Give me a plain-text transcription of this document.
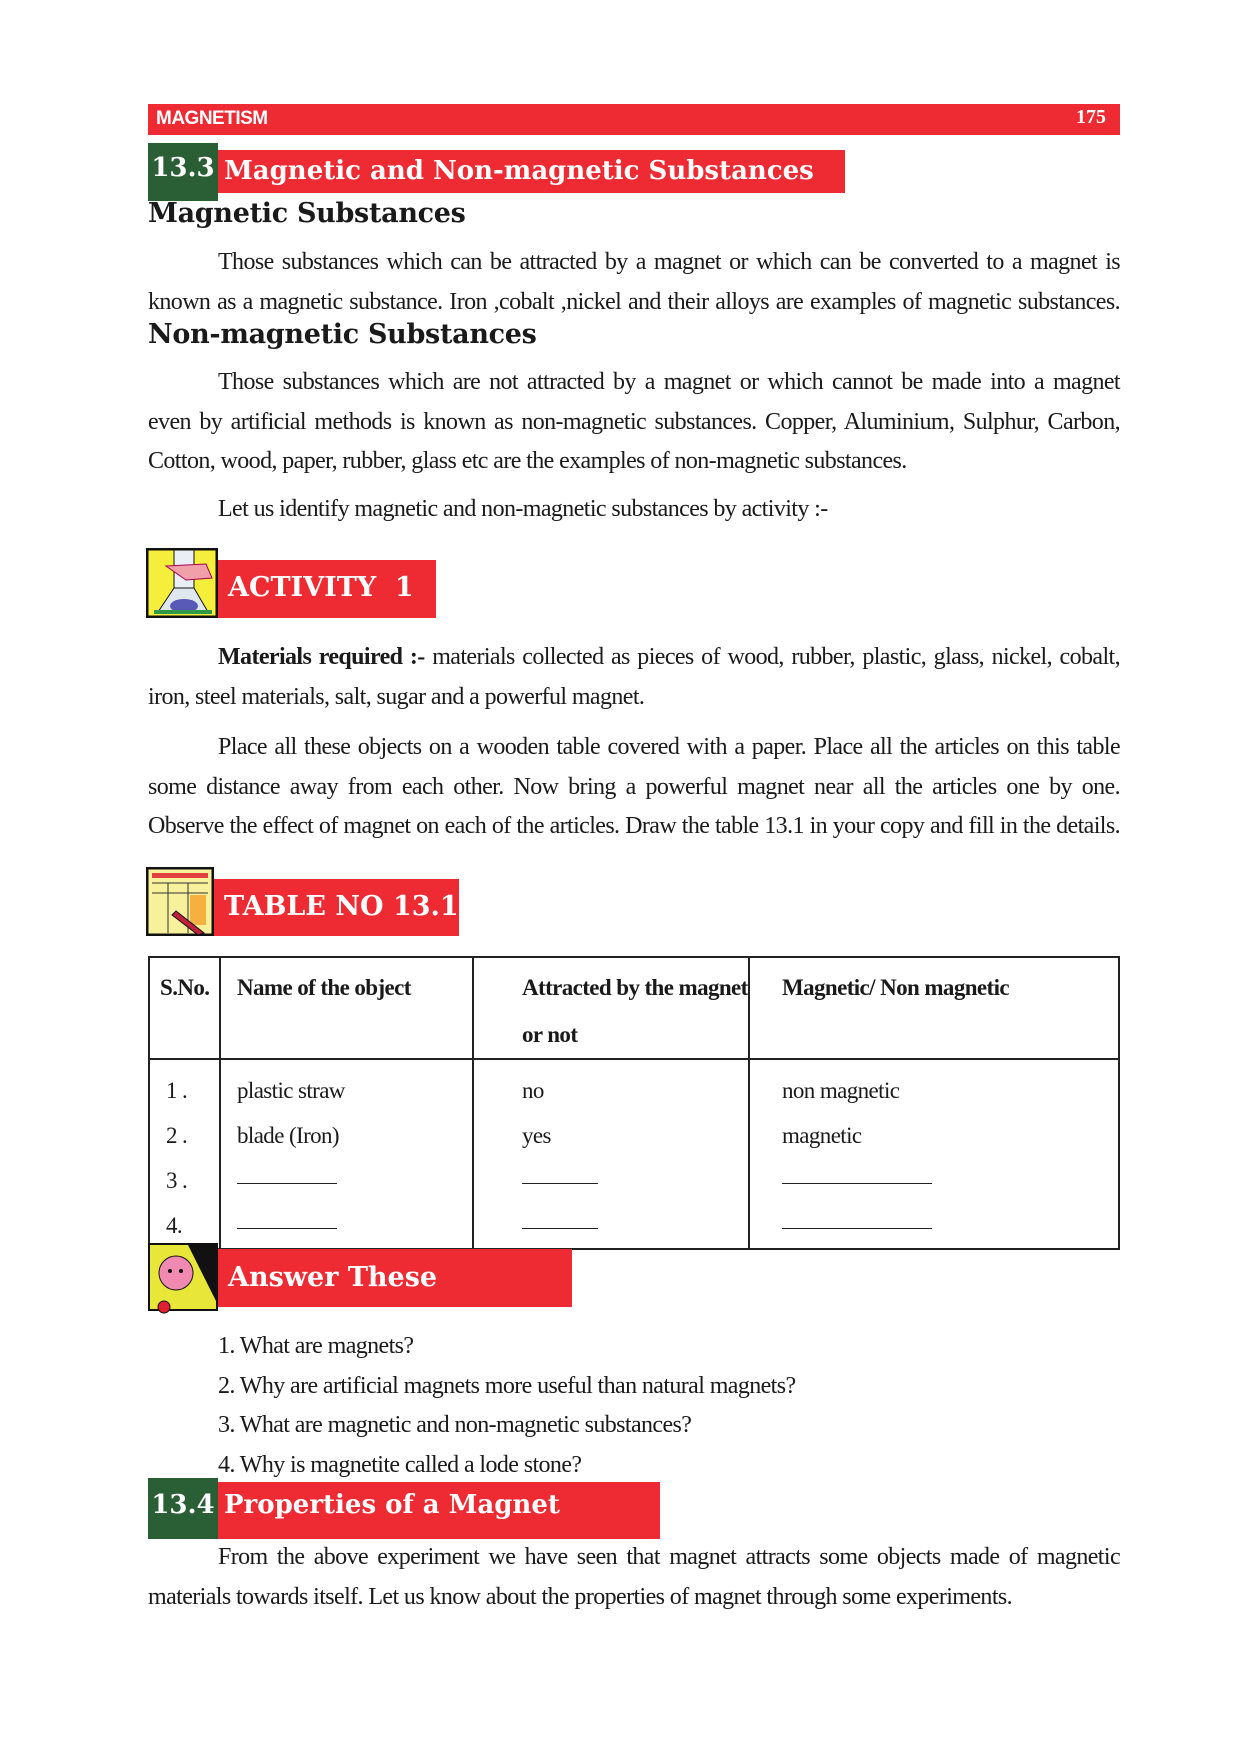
MAGNETISM	175
Magnetic and Non-magnetic Substances
13.3
Magnetic Substances
Those substances which can be attracted by a magnet or which can be converted to a magnet is
known as a magnetic substance. Iron ,cobalt ,nickel and their alloys are examples of magnetic substances.
Non-magnetic Substances
Those substances which are not attracted by a magnet or which cannot be made into a magnet
even by artificial methods is known as non-magnetic substances. Copper, Aluminium, Sulphur, Carbon,
Cotton, wood, paper, rubber, glass etc are the examples of non-magnetic substances.
Let us identify magnetic and non-magnetic substances by activity :-
ACTIVITY  1
Materials required :- materials collected as pieces of wood, rubber, plastic, glass, nickel, cobalt,
iron, steel materials, salt, sugar and a powerful magnet.
Place all these objects on a wooden table covered with a paper. Place all the articles on this table
some distance away from each other. Now bring a powerful magnet near all the articles one by one.
Observe the effect of magnet on each of the articles. Draw the table 13.1 in your copy and fill in the details.
TABLE NO 13.1
S.No.	Name of the object	Attracted by the magnet or not	Magnetic/ Non magnetic
1 .	plastic straw	no	non magnetic
2 .	blade (Iron)	yes	magnetic
3 .			
4.			
Answer These
1. What are magnets?
2. Why are artificial magnets more useful than natural magnets?
3. What are magnetic and non-magnetic substances?
4. Why is magnetite called a lode stone?
Properties of a Magnet
13.4
From the above experiment we have seen that magnet attracts some objects made of magnetic
materials towards itself. Let us know about the properties of magnet through some experiments.
